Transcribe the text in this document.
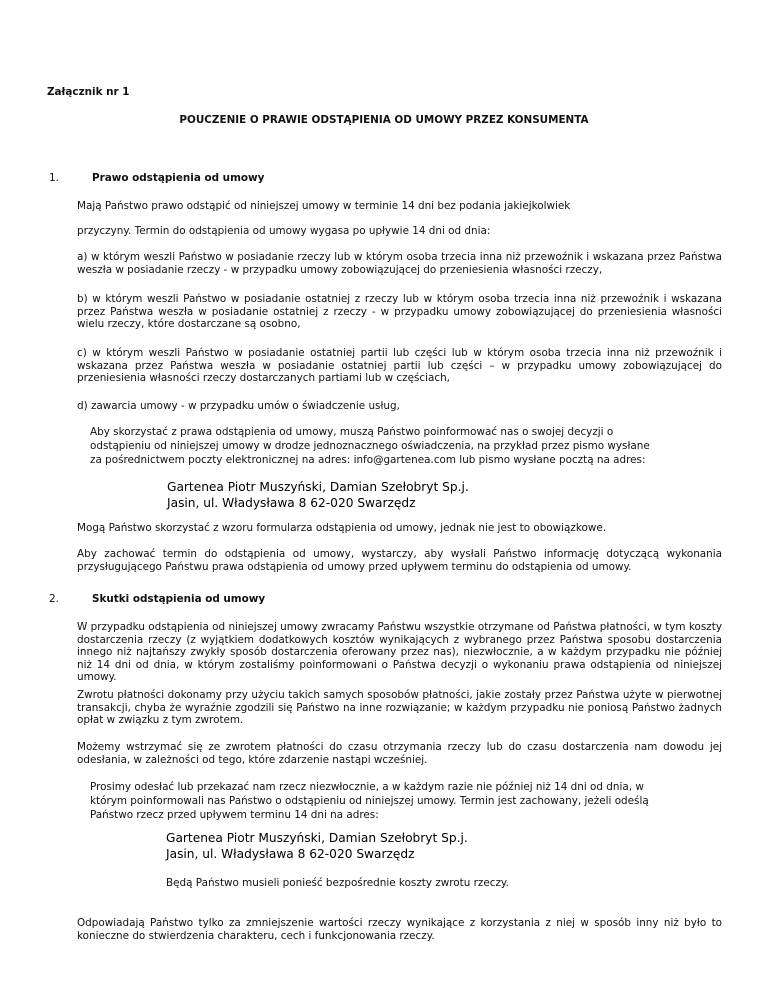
Załącznik nr 1
POUCZENIE O PRAWIE ODSTĄPIENIA OD UMOWY PRZEZ KONSUMENTA
1.	Prawo odstąpienia od umowy
Mają Państwo prawo odstąpić od niniejszej umowy w terminie 14 dni bez podania jakiejkolwiek
przyczyny. Termin do odstąpienia od umowy wygasa po upływie 14 dni od dnia:
a) w którym weszli Państwo w posiadanie rzeczy lub w którym osoba trzecia inna niż przewoźnik i wskazana przez Państwa weszła w posiadanie rzeczy - w przypadku umowy zobowiązującej do przeniesienia własności rzeczy,
b) w którym weszli Państwo w posiadanie ostatniej z rzeczy lub w którym osoba trzecia inna niż przewoźnik i wskazana przez Państwa weszła w posiadanie ostatniej z rzeczy - w przypadku umowy zobowiązującej do przeniesienia własności wielu rzeczy, które dostarczane są osobno,
c) w którym weszli Państwo w posiadanie ostatniej partii lub części lub w którym osoba trzecia inna niż przewoźnik i wskazana przez Państwa weszła w posiadanie ostatniej partii lub części – w przypadku umowy zobowiązującej do przeniesienia własności rzeczy dostarczanych partiami lub w częściach,
d) zawarcia umowy - w przypadku umów o świadczenie usług,
Aby skorzystać z prawa odstąpienia od umowy, muszą Państwo poinformować nas o swojej decyzji o
odstąpieniu od niniejszej umowy w drodze jednoznacznego oświadczenia, na przykład przez pismo wysłane
za pośrednictwem poczty elektronicznej na adres: info@gartenea.com lub pismo wysłane pocztą na adres:
Gartenea Piotr Muszyński, Damian Szełobryt Sp.j.
Jasin, ul. Władysława 8 62-020 Swarzędz
Mogą Państwo skorzystać z wzoru formularza odstąpienia od umowy, jednak nie jest to obowiązkowe.
Aby zachować termin do odstąpienia od umowy, wystarczy, aby wysłali Państwo informację dotyczącą wykonania przysługującego Państwu prawa odstąpienia od umowy przed upływem terminu do odstąpienia od umowy.
2.	Skutki odstąpienia od umowy
W przypadku odstąpienia od niniejszej umowy zwracamy Państwu wszystkie otrzymane od Państwa płatności, w tym koszty dostarczenia rzeczy (z wyjątkiem dodatkowych kosztów wynikających z wybranego przez Państwa sposobu dostarczenia innego niż najtańszy zwykły sposób dostarczenia oferowany przez nas), niezwłocznie, a w każdym przypadku nie później niż 14 dni od dnia, w którym zostaliśmy poinformowani o Państwa decyzji o wykonaniu prawa odstąpienia od niniejszej umowy.
Zwrotu płatności dokonamy przy użyciu takich samych sposobów płatności, jakie zostały przez Państwa użyte w pierwotnej transakcji, chyba że wyraźnie zgodzili się Państwo na inne rozwiązanie; w każdym przypadku nie poniosą Państwo żadnych opłat w związku z tym zwrotem.
Możemy wstrzymać się ze zwrotem płatności do czasu otrzymania rzeczy lub do czasu dostarczenia nam dowodu jej odesłania, w zależności od tego, które zdarzenie nastąpi wcześniej.
Prosimy odesłać lub przekazać nam rzecz niezwłocznie, a w każdym razie nie później niż 14 dni od dnia, w
którym poinformowali nas Państwo o odstąpieniu od niniejszej umowy. Termin jest zachowany, jeżeli odeślą
Państwo rzecz przed upływem terminu 14 dni na adres:
Gartenea Piotr Muszyński, Damian Szełobryt Sp.j.
Jasin, ul. Władysława 8 62-020 Swarzędz
Będą Państwo musieli ponieść bezpośrednie koszty zwrotu rzeczy.
Odpowiadają Państwo tylko za zmniejszenie wartości rzeczy wynikające z korzystania z niej w sposób inny niż było to konieczne do stwierdzenia charakteru, cech i funkcjonowania rzeczy.
